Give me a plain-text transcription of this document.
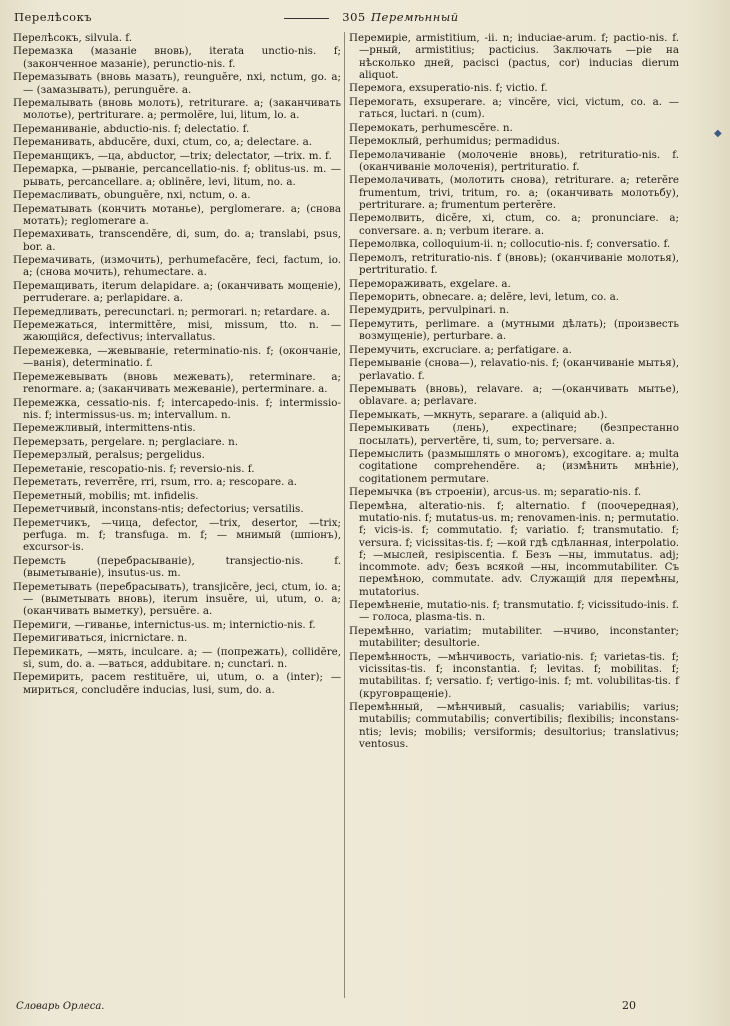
Перелѣсокъ	305 Перемѣнный

Перелѣсокъ, silvula. f.

Перемазка (мазаніе вновь), iterata unctio-nis. f; (законченное мазаніе), perunctio-nis. f.

Перемазывать (вновь мазать), reunguĕre, nxi, nctum, go. a; — (замазывать), perunguĕre. a.

Перемалывать (вновь молоть), retriturare. a; (заканчивать молотье), pertriturare. a; permolĕre, lui, litum, lo. a.

Переманиваніе, abductio-nis. f; delectatio. f.

Переманивать, abducĕre, duxi, ctum, co, a; delectare. a.

Переманщикъ, —ца, abductor, —trix; delectator, —trix. m. f.

Перемарка, —рываніе, percancellatio-nis. f; oblitus-us. m. —рывать, percancellare. a; oblinĕre, levi, litum, no. a.

Перемасливать, obunguĕre, nxi, nctum, o. a.

Перематывать (кончить мотанье), perglomerare. a; (снова мотать); reglomerare a.

Перемахивать, transcendĕre, di, sum, do. a; translabi, psus, bor. a.

Перемачивать, (измочить), perhumefacĕre, feci, factum, io. a; (снова мочить), rehumectare. a.

Перемащивать, iterum delapidare. a; (оканчивать мощеніе), perruderare. a; perlapidare. a.

Перемедливать, perecunctari. n; permorari. n; retardare. a.

Перемежаться, intermittĕre, misi, missum, tto. n. —жающійся, defectivus; intervallatus.

Перемежевка, —жевываніе, reterminatio-nis. f; (окончаніе, —ванія), determinatio. f.

Перемежевывать (вновь межевать), reterminare. a; renormare. a; (заканчивать межеваніе), perterminare. a.

Перемежка, cessatio-nis. f; intercapedo-inis. f; intermissio-nis. f; intermissus-us. m; intervallum. n.

Перемежливый, intermittens-ntis.

Перемерзать, pergelare. n; perglaciare. n.

Перемерзлый, peralsus; pergelidus.

Переметаніе, rescopatio-nis. f; reversio-nis. f.

Переметать, reverrĕre, rri, rsum, rro. a; rescopare. a.

Переметный, mobilis; mt. infidelis.

Переметчивый, inconstans-ntis; defectorius; versatilis.

Переметчикъ, —чица, defector, —trix, desertor, —trix; perfuga. m. f; transfuga. m. f; — мнимый (шпіонъ), excursor-is.

Перемсть (перебрасываніе), transjectio-nis. f. (выметываніе), insutus-us. m.

Переметывать (перебрасывать), transjicĕre, jeci, ctum, io. a; — (выметывать вновь), iterum insuĕre, ui, utum, o. a; (оканчивать выметку), persuĕre. a.

Перемиги, —гиваньe, internictus-us. m; internictio-nis. f.

Перемигиваться, inicrnictare. n.

Перемикать, —мять, inculcare. a; — (попрежать), collidĕre, si, sum, do. a. —ваться, addubitare. n; cunctari. n.

Перемирить, pacem restituĕre, ui, utum, o. a (inter); —мириться, concludĕre inducias, lusi, sum, do. a.

Перемиріе, armistitium, -ii. n; induciae-arum. f; pactio-nis. f. —рный, armistitius; pacticius. Заключать —ріе на нѣсколько дней, paciscі (pactus, cor) inducias dierum aliquot.

Перемога, exsuperatio-nis. f; victio. f.

Перемогать, exsuperare. a; vincĕre, vici, victum, co. a. —гаться, luctari. n (cum).

Перемокать, perhumescĕre. n.

Перемоклый, perhumidus; permadidus.

Перемолачиваніе (молоченіе вновь), retrituratio-nis. f. (оканчиваніе молоченія), pertrituratio. f.

Перемолачивать, (молотить снова), retriturare. a; reterĕre frumentum, trivi, tritum, ro. a; (оканчивать молотьбу), pertriturare. a; frumentum perterĕre.

Перемолвить, dicĕre, xi, ctum, co. a; pronunciare. a; conversare. a. n; verbum iterare. a.

Перемолвка, colloquium-ii. n; collocutio-nis. f; conversatio. f.

Перемолъ, retrituratio-nis. f (вновь); (оканчиваніе молотья), pertrituratio. f.

Переморaживать, exgelare. a.

Переморить, obnecare. a; delĕre, levi, letum, co. a.

Перемудрить, pervulpinari. n.

Перемутить, perlimare. a (мутными дѣлать); (произвесть возмущеніе), perturbare. a.

Перемучить, excruciare. a; perfatigare. a.

Перемываніе (снова—), relavatio-nis. f; (оканчиваніе мытья), perlavatio. f.

Перемывать (вновь), relavare. a; —(оканчивать мытье), oblavare. a; perlavare.

Перемыкать, —мкнуть, separare. a (aliquid ab.).

Перемыкивать (лень), expectinare; (безпрестанно посылать), pervertĕre, ti, sum, to; perversare. a.

Перемыслить (размышлять о многомъ), excogitare. a; multa cogitatione comprehendĕre. a; (измѣнить мнѣніе), cogitationem permutare.

Перемычка (въ строеніи), arcus-us. m; separatio-nis. f.

Перемѣна, alteratio-nis. f; alternatio. f (поочередная), mutatio-nis. f; mutatus-us. m; renovamen-inis. n; permutatio. f; vicis-is. f; commutatio. f; variatio. f; transmutatio. f; versura. f; vicissitas-tis. f; —кой гдѣ сдѣланная, interpolatio. f; —мыслей, resipiscentia. f. Безъ —ны, immutatus. adj; incommote. adv; безъ всякой —ны, incommutabiliter. Съ перемѣною, commutate. adv. Служащій для перемѣны, mutatorius.

Перемѣненіе, mutatio-nis. f; transmutatio. f; vicissitudo-inis. f. — голоса, plasma-tis. n.

Перемѣнно, variatim; mutabiliter. —нчиво, inconstanter; mutabiliter; desultorie.

Перемѣнность, —мѣнчивость, variatio-nis. f; varietas-tis. f; vicissitas-tis. f; inconstantia. f; levitas. f; mobilitas. f; mutabilitas. f; versatio. f; vertigo-inis. f; mt. volubilitas-tis. f (круговращеніе).

Перемѣнный, —мѣнчивый, casualis; variabilis; varius; mutabilis; commutabilis; convertibilis; flexibilis; inconstans-ntis; levis; mobilis; versiformis; desultorius; translativus; ventosus.

◆
Словарь Орлеса.	20
